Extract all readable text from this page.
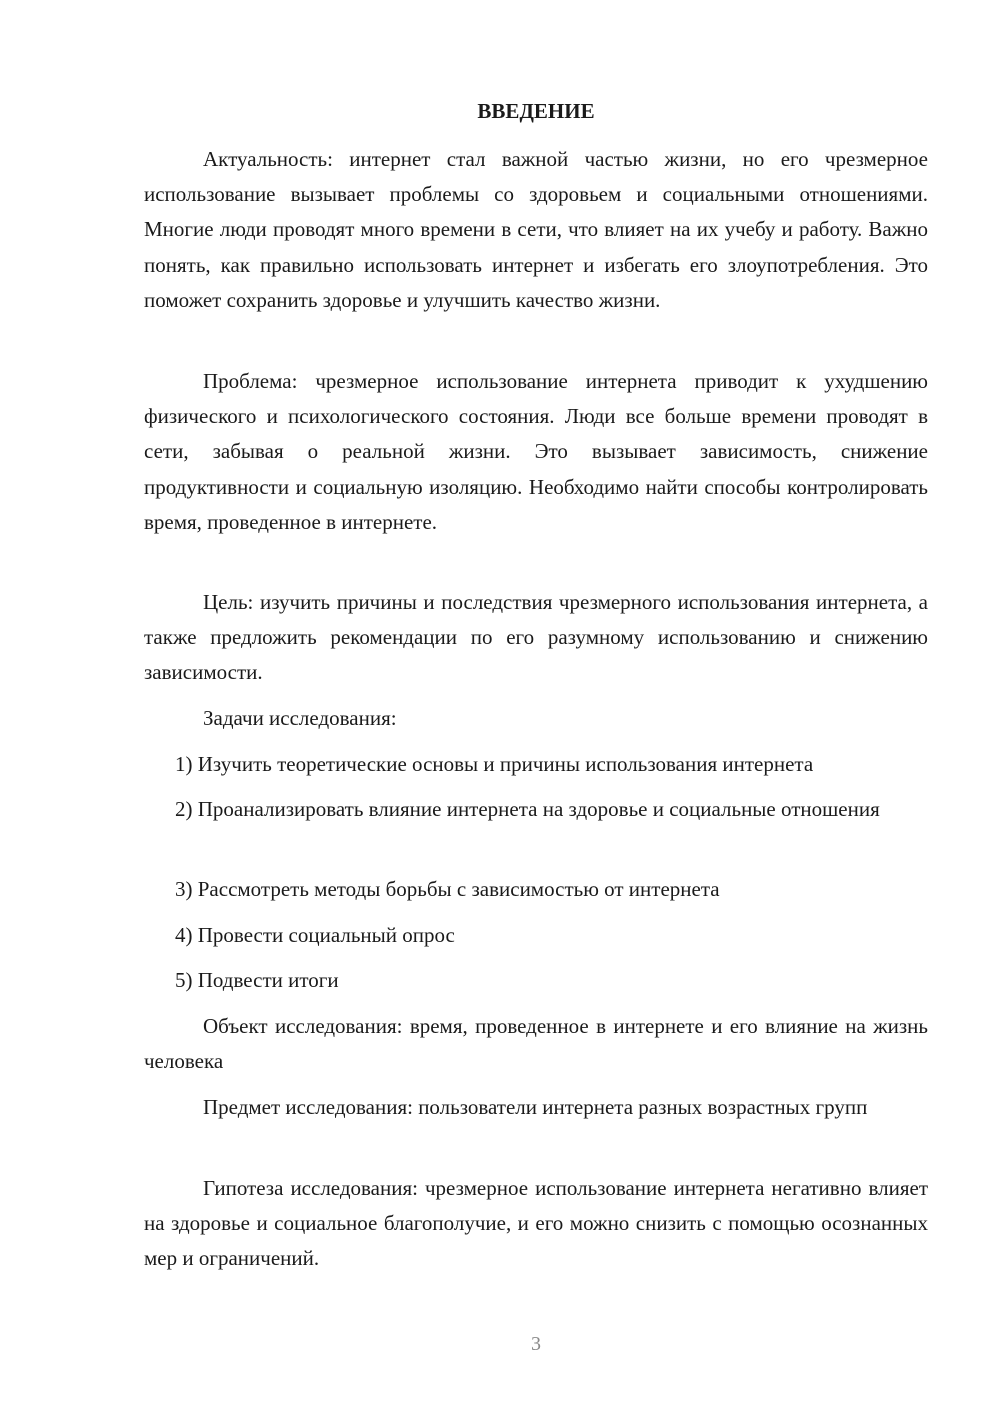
ВВЕДЕНИЕ

Актуальность: интернет стал важной частью жизни, но его чрезмерное использование вызывает проблемы со здоровьем и социальными отношениями. Многие люди проводят много времени в сети, что влияет на их учебу и работу. Важно понять, как правильно использовать интернет и избегать его злоупотребления. Это поможет сохранить здоровье и улучшить качество жизни.

Проблема: чрезмерное использование интернета приводит к ухудшению физического и психологического состояния. Люди все больше времени проводят в сети, забывая о реальной жизни. Это вызывает зависимость, снижение продуктивности и социальную изоляцию. Необходимо найти способы контролировать время, проведенное в интернете.

Цель: изучить причины и последствия чрезмерного использования интернета, а также предложить рекомендации по его разумному использованию и снижению зависимости.

Задачи исследования:

1) Изучить теоретические основы и причины использования интернета

2) Проанализировать влияние интернета на здоровье и социальные отношения

3) Рассмотреть методы борьбы с зависимостью от интернета

4) Провести социальный опрос

5) Подвести итоги

Объект исследования: время, проведенное в интернете и его влияние на жизнь человека

Предмет исследования: пользователи интернета разных возрастных групп

Гипотеза исследования: чрезмерное использование интернета негативно влияет на здоровье и социальное благополучие, и его можно снизить с помощью осознанных мер и ограничений.

3
